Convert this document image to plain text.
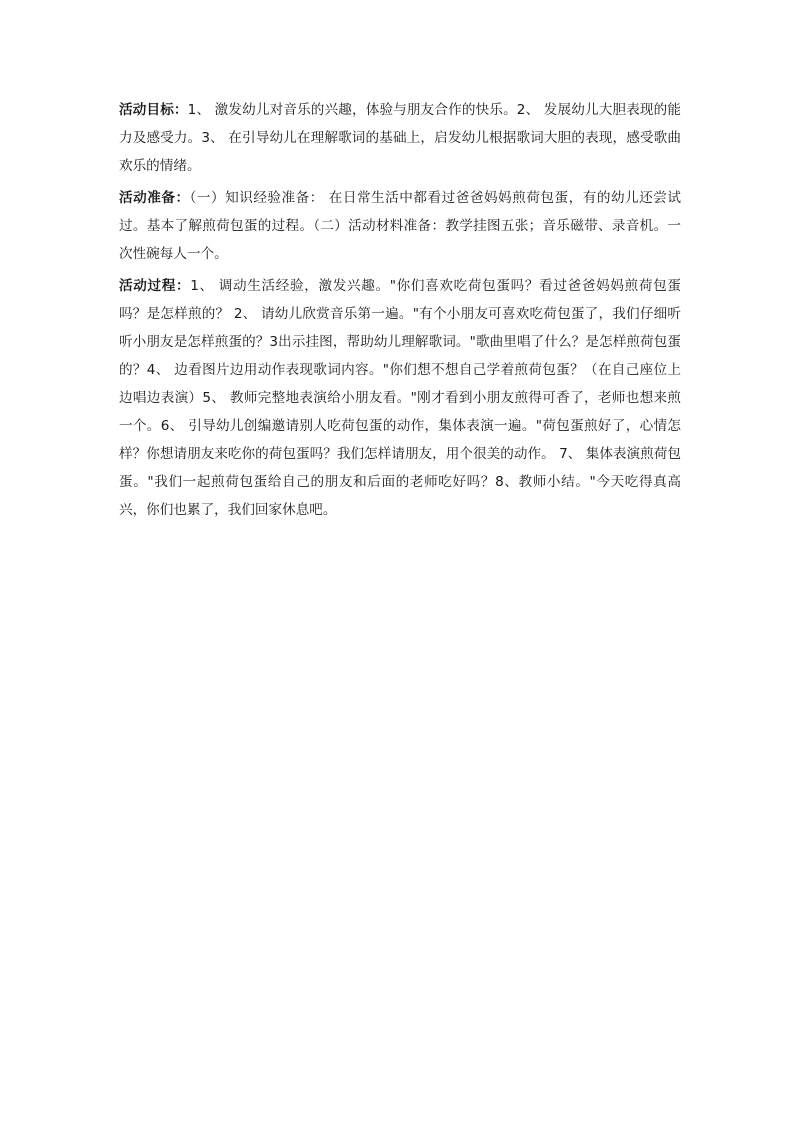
活动目标：1、 激发幼儿对音乐的兴趣，体验与朋友合作的快乐。2、 发展幼儿大胆表现的能力及感受力。3、 在引导幼儿在理解歌词的基础上，启发幼儿根据歌词大胆的表现，感受歌曲欢乐的情绪。

活动准备：（一）知识经验准备： 在日常生活中都看过爸爸妈妈煎荷包蛋，有的幼儿还尝试过。基本了解煎荷包蛋的过程。（二）活动材料准备：教学挂图五张；音乐磁带、录音机。一次性碗每人一个。

活动过程：1、 调动生活经验，激发兴趣。"你们喜欢吃荷包蛋吗？看过爸爸妈妈煎荷包蛋吗？是怎样煎的？ 2、 请幼儿欣赏音乐第一遍。"有个小朋友可喜欢吃荷包蛋了，我们仔细听听小朋友是怎样煎蛋的？3出示挂图，帮助幼儿理解歌词。"歌曲里唱了什么？是怎样煎荷包蛋的？4、 边看图片边用动作表现歌词内容。"你们想不想自己学着煎荷包蛋？（在自己座位上边唱边表演）5、 教师完整地表演给小朋友看。"刚才看到小朋友煎得可香了，老师也想来煎一个。6、 引导幼儿创编邀请别人吃荷包蛋的动作，集体表演一遍。"荷包蛋煎好了，心情怎样？你想请朋友来吃你的荷包蛋吗？我们怎样请朋友，用个很美的动作。 7、 集体表演煎荷包蛋。"我们一起煎荷包蛋给自己的朋友和后面的老师吃好吗？8、教师小结。"今天吃得真高兴，你们也累了，我们回家休息吧。
